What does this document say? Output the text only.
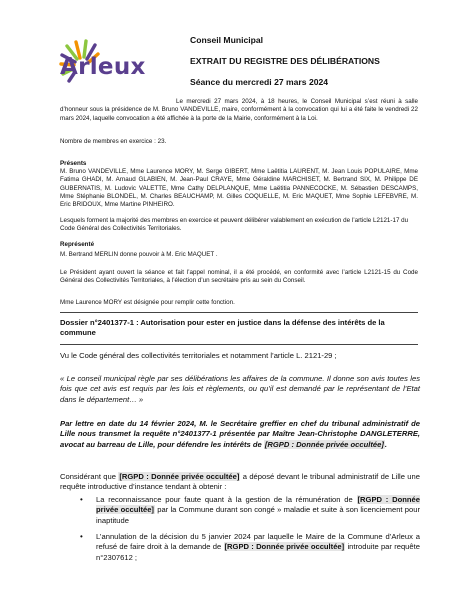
Arleux
Conseil Municipal
EXTRAIT DU REGISTRE DES DÉLIBÉRATIONS
Séance du mercredi 27 mars 2024
Le mercredi 27 mars 2024, à 18 heures, le Conseil Municipal s’est réuni à salle d’honneur sous la présidence de M. Bruno VANDEVILLE, maire, conformément à la convocation qui lui a été faite le vendredi 22 mars 2024, laquelle convocation a été affichée à la porte de la Mairie, conformément à la Loi.
Nombre de membres en exercice : 23.
Présents
M. Bruno VANDEVILLE, Mme Laurence MORY, M. Serge GIBERT, Mme Laëtitia LAURENT, M. Jean Louis POPULAIRE, Mme Fatima GHADI, M. Arnaud GLABIEN, M. Jean-Paul CRAYE, Mme Géraldine MARCHISET, M. Bertrand SIX, M. Philippe DE GUBERNATIS, M. Ludovic VALETTE, Mme Cathy DELPLANQUE, Mme Laëtitia PANNECOCKE, M. Sébastien DESCAMPS, Mme Stéphanie BLONDEL, M. Charles BEAUCHAMP, M. Gilles COQUELLE, M. Eric MAQUET, Mme Sophie LEFEBVRE, M. Eric BRIDOUX, Mme Martine PINHEIRO.
Lesquels forment la majorité des membres en exercice et peuvent délibérer valablement en exécution de l’article L2121-17 du Code Général des Collectivités Territoriales.
Représenté
M. Bertrand MERLIN donne pouvoir à M. Eric MAQUET .
Le Président ayant ouvert la séance et fait l’appel nominal, il a été procédé, en conformité avec l’article L2121-15 du Code Général des Collectivités Territoriales, à l’élection d’un secrétaire pris au sein du Conseil.
Mme Laurence MORY est désignée pour remplir cette fonction.
Dossier n°2401377-1 : Autorisation pour ester en justice dans la défense des intérêts de la commune
Vu le Code général des collectivités territoriales et notamment l’article L. 2121-29 ;
« Le conseil municipal règle par ses délibérations les affaires de la commune. Il donne son avis toutes les fois que cet avis est requis par les lois et règlements, ou qu’il est demandé par le représentant de l’Etat dans le département… »
Par lettre en date du 14 février 2024, M. le Secrétaire greffier en chef du tribunal administratif de Lille nous transmet la requête n°2401377-1 présentée par Maître Jean-Christophe DANGLETERRE, avocat au barreau de Lille, pour défendre les intérêts de [RGPD : Donnée privée occultée].
Considérant que [RGPD : Donnée privée occultée] a déposé devant le tribunal administratif de Lille une requête introductive d’instance tendant à obtenir :
• La reconnaissance pour faute quant à la gestion de la rémunération de [RGPD : Donnée privée occultée] par la Commune durant son congé » maladie et suite à son licenciement pour inaptitude
• L’annulation de la décision du 5 janvier 2024 par laquelle le Maire de la Commune d’Arleux a refusé de faire droit à la demande de [RGPD : Donnée privée occultée] introduite par requête n°2307612 ;
